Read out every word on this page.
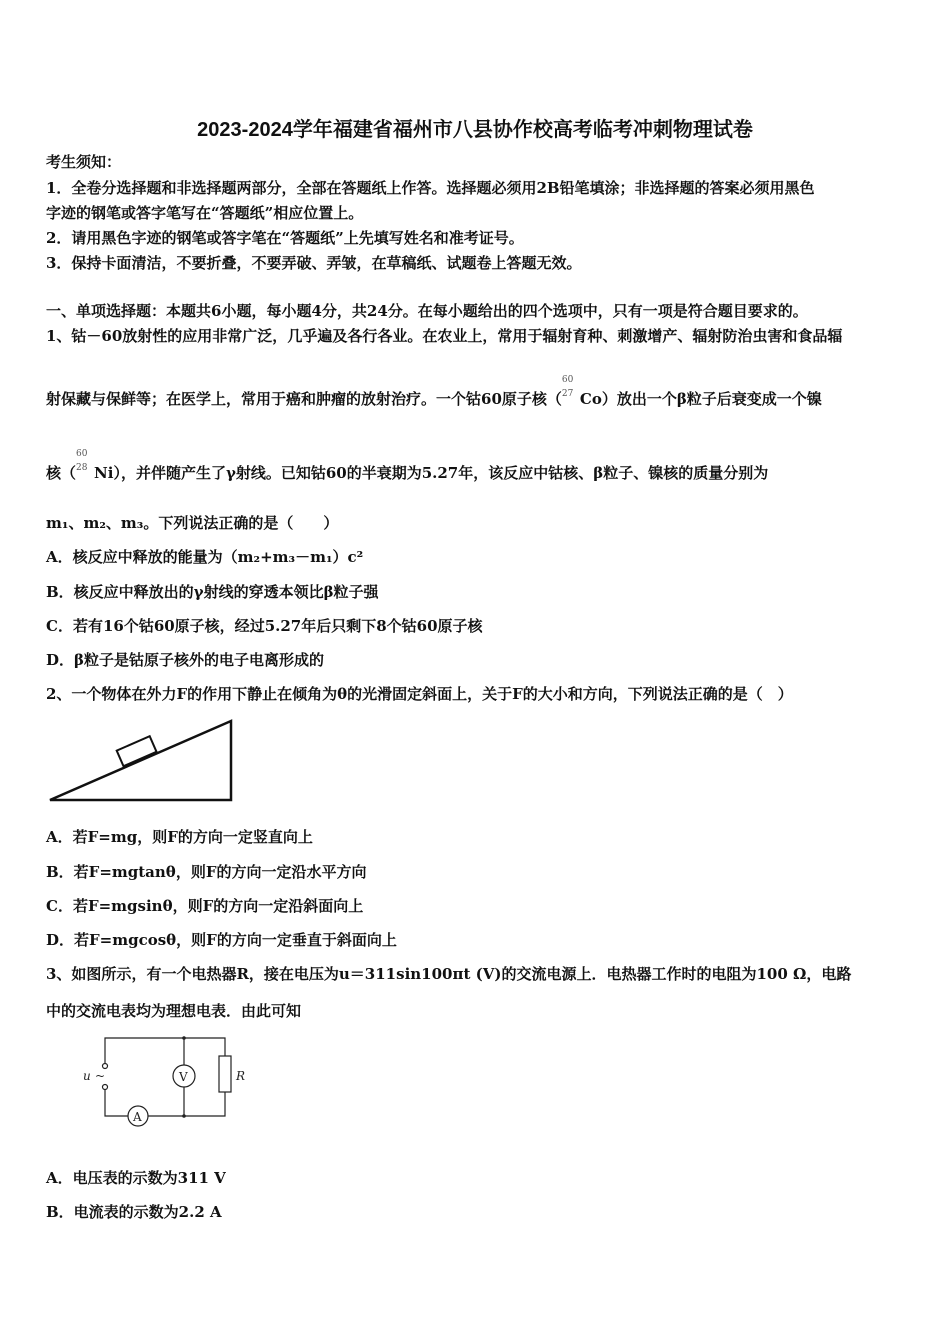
2023-2024学年福建省福州市八县协作校高考临考冲刺物理试卷
考生须知：
1．全卷分选择题和非选择题两部分，全部在答题纸上作答。选择题必须用2B铅笔填涂；非选择题的答案必须用黑色
字迹的钢笔或答字笔写在“答题纸”相应位置上。
2．请用黑色字迹的钢笔或答字笔在“答题纸”上先填写姓名和准考证号。
3．保持卡面清洁，不要折叠，不要弄破、弄皱，在草稿纸、试题卷上答题无效。
一、单项选择题：本题共6小题，每小题4分，共24分。在每小题给出的四个选项中，只有一项是符合题目要求的。
1、钴－60放射性的应用非常广泛，几乎遍及各行各业。在农业上，常用于辐射育种、刺激增产、辐射防治虫害和食品辐
射保藏与保鲜等；在医学上，常用于癌和肿瘤的放射治疗。一个钴60原子核（
60
27 Co）放出一个β粒子后衰变成一个镍
核（
60
28 Ni），并伴随产生了γ射线。已知钴60的半衰期为5.27年，该反应中钴核、β粒子、镍核的质量分别为
m₁、m₂、m₃。下列说法正确的是（　　）
A．核反应中释放的能量为（m₂+m₃－m₁）c²
B．核反应中释放出的γ射线的穿透本领比β粒子强
C．若有16个钴60原子核，经过5.27年后只剩下8个钴60原子核
D．β粒子是钴原子核外的电子电离形成的
2、一个物体在外力F的作用下静止在倾角为θ的光滑固定斜面上，关于F的大小和方向，下列说法正确的是（　）
A．若F=mg，则F的方向一定竖直向上
B．若F=mgtanθ，则F的方向一定沿水平方向
C．若F=mgsinθ，则F的方向一定沿斜面向上
D．若F=mgcosθ，则F的方向一定垂直于斜面向上
3、如图所示，有一个电热器R，接在电压为u＝311sin100πt (V)的交流电源上．电热器工作时的电阻为100 Ω，电路
中的交流电表均为理想电表．由此可知
u ~	V
A
R
A．电压表的示数为311 V
B．电流表的示数为2.2 A
